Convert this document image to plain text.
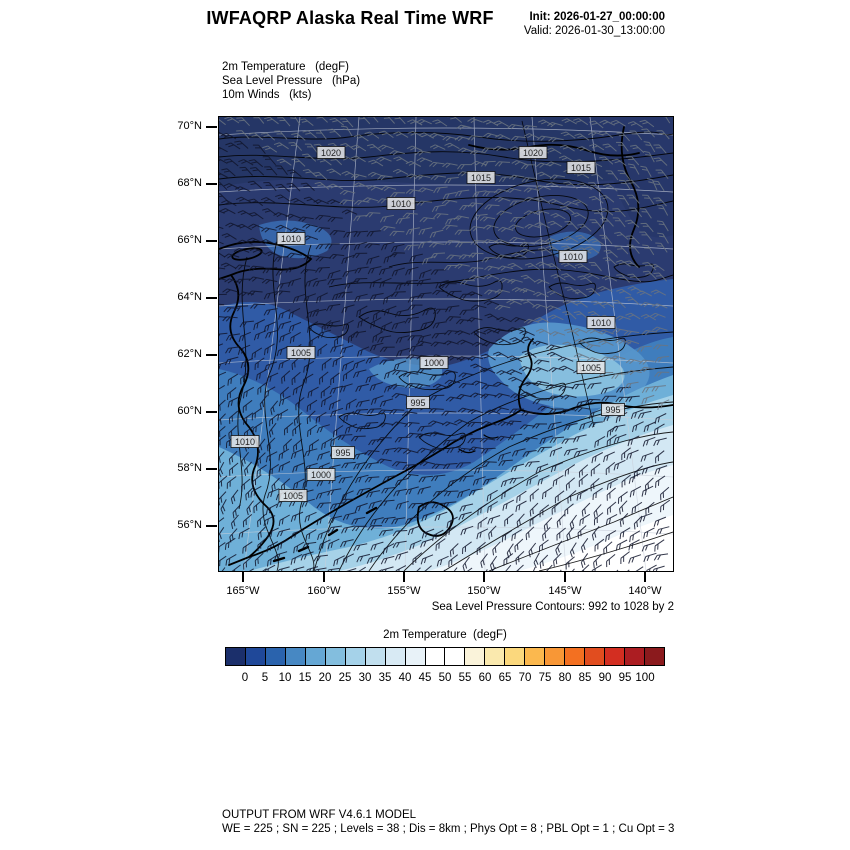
IWFAQRP Alaska Real Time WRF	Init: 2026-01-27_00:00:00
Valid: 2026-01-30_13:00:00
2m Temperature   (degF)
Sea Level Pressure   (hPa)
10m Winds   (kts)
1020	1020
1015
1015
1010
1010
1010
1010
1005
1000	1005
995
995
1010
995
1000
1005
70°N
68°N
66°N
64°N
62°N
60°N
58°N
56°N
165°W	160°W	155°W	150°W	145°W	140°W
Sea Level Pressure Contours: 992 to 1028 by 2
2m Temperature  (degF)
0	5 10 15 20 25 30 35 40 45 50 55 60 65 70 75 80 85 90 95 100
OUTPUT FROM WRF V4.6.1 MODEL
WE = 225 ; SN = 225 ; Levels = 38 ; Dis = 8km ; Phys Opt = 8 ; PBL Opt = 1 ; Cu Opt = 3
